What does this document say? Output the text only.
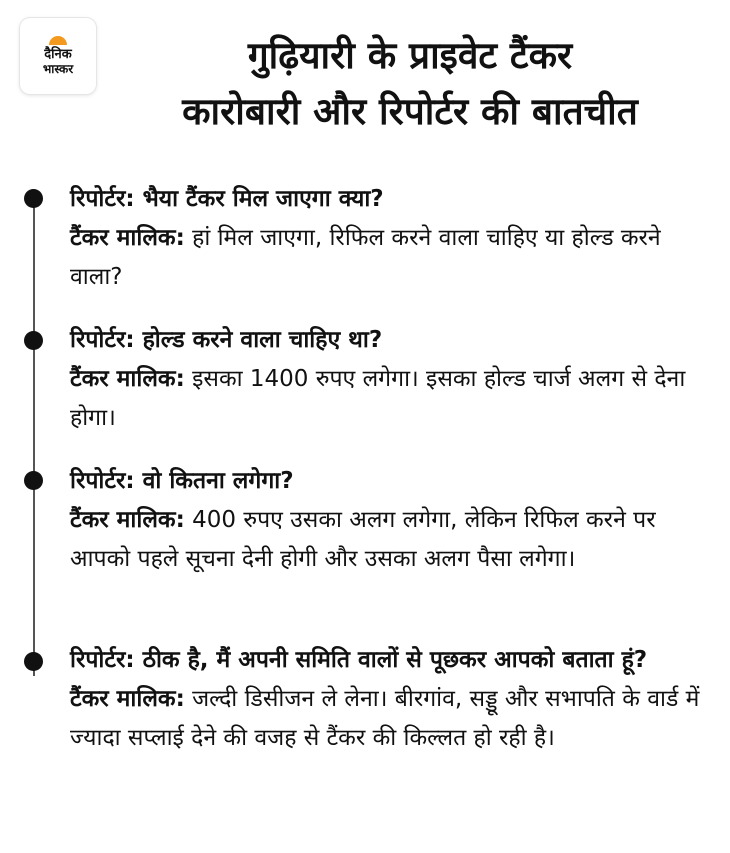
दैनिक
भास्कर	गुढ़ियारी के प्राइवेट टैंकर
कारोबारी और रिपोर्टर की बातचीत
रिपोर्टर: भैया टैंकर मिल जाएगा क्या?
टैंकर मालिक: हां मिल जाएगा, रिफिल करने वाला चाहिए या होल्ड करने वाला?
रिपोर्टर: होल्ड करने वाला चाहिए था?
टैंकर मालिक: इसका 1400 रुपए लगेगा। इसका होल्ड चार्ज अलग से देना होगा।
रिपोर्टर: वो कितना लगेगा?
टैंकर मालिक: 400 रुपए उसका अलग लगेगा, लेकिन रिफिल करने पर आपको पहले सूचना देनी होगी और उसका अलग पैसा लगेगा।
रिपोर्टर: ठीक है, मैं अपनी समिति वालों से पूछकर आपको बताता हूं?
टैंकर मालिक: जल्दी डिसीजन ले लेना। बीरगांव, सड्डू और सभापति के वार्ड में ज्यादा सप्लाई देने की वजह से टैंकर की किल्लत हो रही है।
